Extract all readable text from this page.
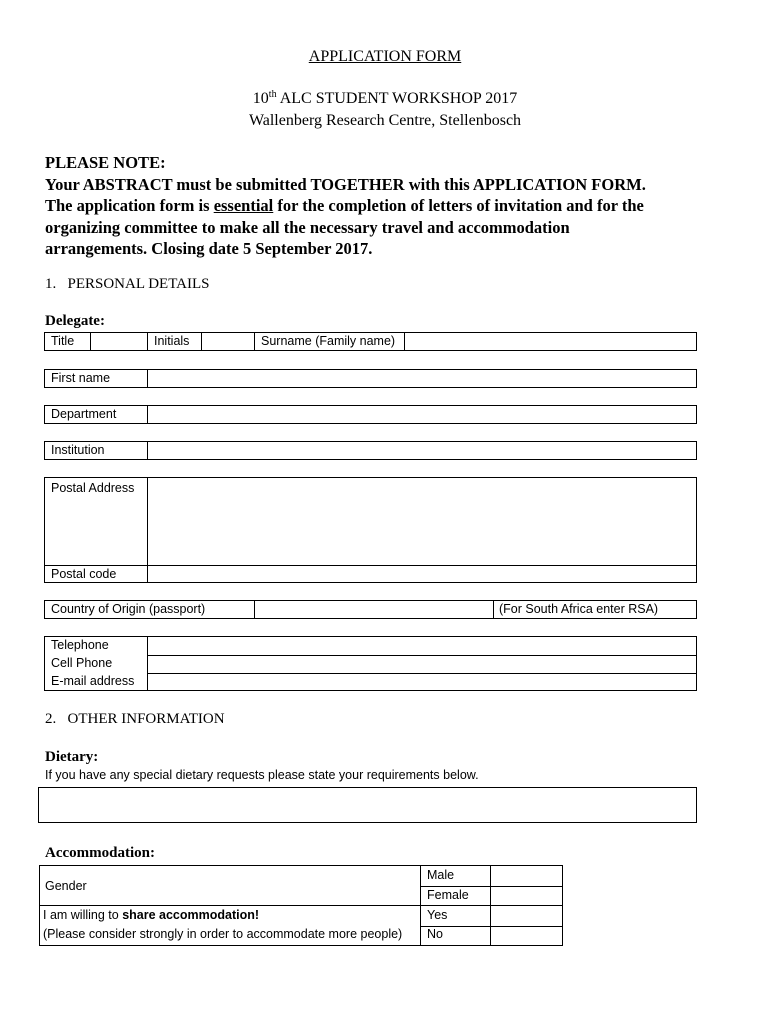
APPLICATION FORM
10th ALC STUDENT WORKSHOP 2017
Wallenberg Research Centre, Stellenbosch
PLEASE NOTE:
Your ABSTRACT must be submitted TOGETHER with this APPLICATION FORM.
The application form is essential for the completion of letters of invitation and for the
organizing committee to make all the necessary travel and accommodation
arrangements. Closing date 5 September 2017.
1.   PERSONAL DETAILS
Delegate:
Title	Initials	Surname (Family name)
First name
Department
Institution
Postal Address
Postal code
Country of Origin (passport)	(For South Africa enter RSA)
Telephone
Cell Phone
E-mail address
2.   OTHER INFORMATION
Dietary:
If you have any special dietary requests please state your requirements below.
Accommodation:
Gender
Male
Female
I am willing to share accommodation!
(Please consider strongly in order to accommodate more people)
Yes
No
